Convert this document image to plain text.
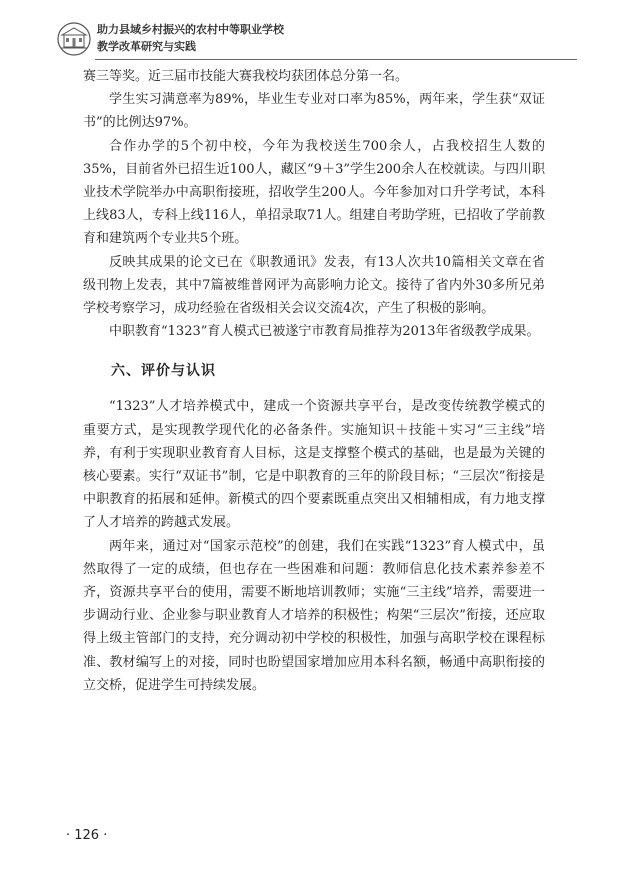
助力县域乡村振兴的农村中等职业学校
教学改革研究与实践

赛三等奖。近三届市技能大赛我校均获团体总分第一名。

学生实习满意率为89%，毕业生专业对口率为85%，两年来，学生获“双证书”的比例达97%。

合作办学的5个初中校，今年为我校送生700余人，占我校招生人数的35%，目前省外已招生近100人，藏区“9＋3”学生200余人在校就读。与四川职业技术学院举办中高职衔接班，招收学生200人。今年参加对口升学考试，本科上线83人，专科上线116人，单招录取71人。组建自考助学班，已招收了学前教育和建筑两个专业共5个班。

反映其成果的论文已在《职教通讯》发表，有13人次共10篇相关文章在省级刊物上发表，其中7篇被维普网评为高影响力论文。接待了省内外30多所兄弟学校考察学习，成功经验在省级相关会议交流4次，产生了积极的影响。

中职教育“1323”育人模式已被遂宁市教育局推荐为2013年省级教学成果。

六、评价与认识

“1323”人才培养模式中，建成一个资源共享平台，是改变传统教学模式的重要方式，是实现教学现代化的必备条件。实施知识＋技能＋实习“三主线”培养，有利于实现职业教育育人目标，这是支撑整个模式的基础，也是最为关键的核心要素。实行“双证书”制，它是中职教育的三年的阶段目标；“三层次”衔接是中职教育的拓展和延伸。新模式的四个要素既重点突出又相辅相成，有力地支撑了人才培养的跨越式发展。

两年来，通过对“国家示范校”的创建，我们在实践“1323”育人模式中，虽然取得了一定的成绩，但也存在一些困难和问题：教师信息化技术素养参差不齐，资源共享平台的使用，需要不断地培训教师；实施“三主线”培养，需要进一步调动行业、企业参与职业教育人才培养的积极性；构架“三层次”衔接，还应取得上级主管部门的支持，充分调动初中学校的积极性，加强与高职学校在课程标准、教材编写上的对接，同时也盼望国家增加应用本科名额，畅通中高职衔接的立交桥，促进学生可持续发展。

· 126 ·
